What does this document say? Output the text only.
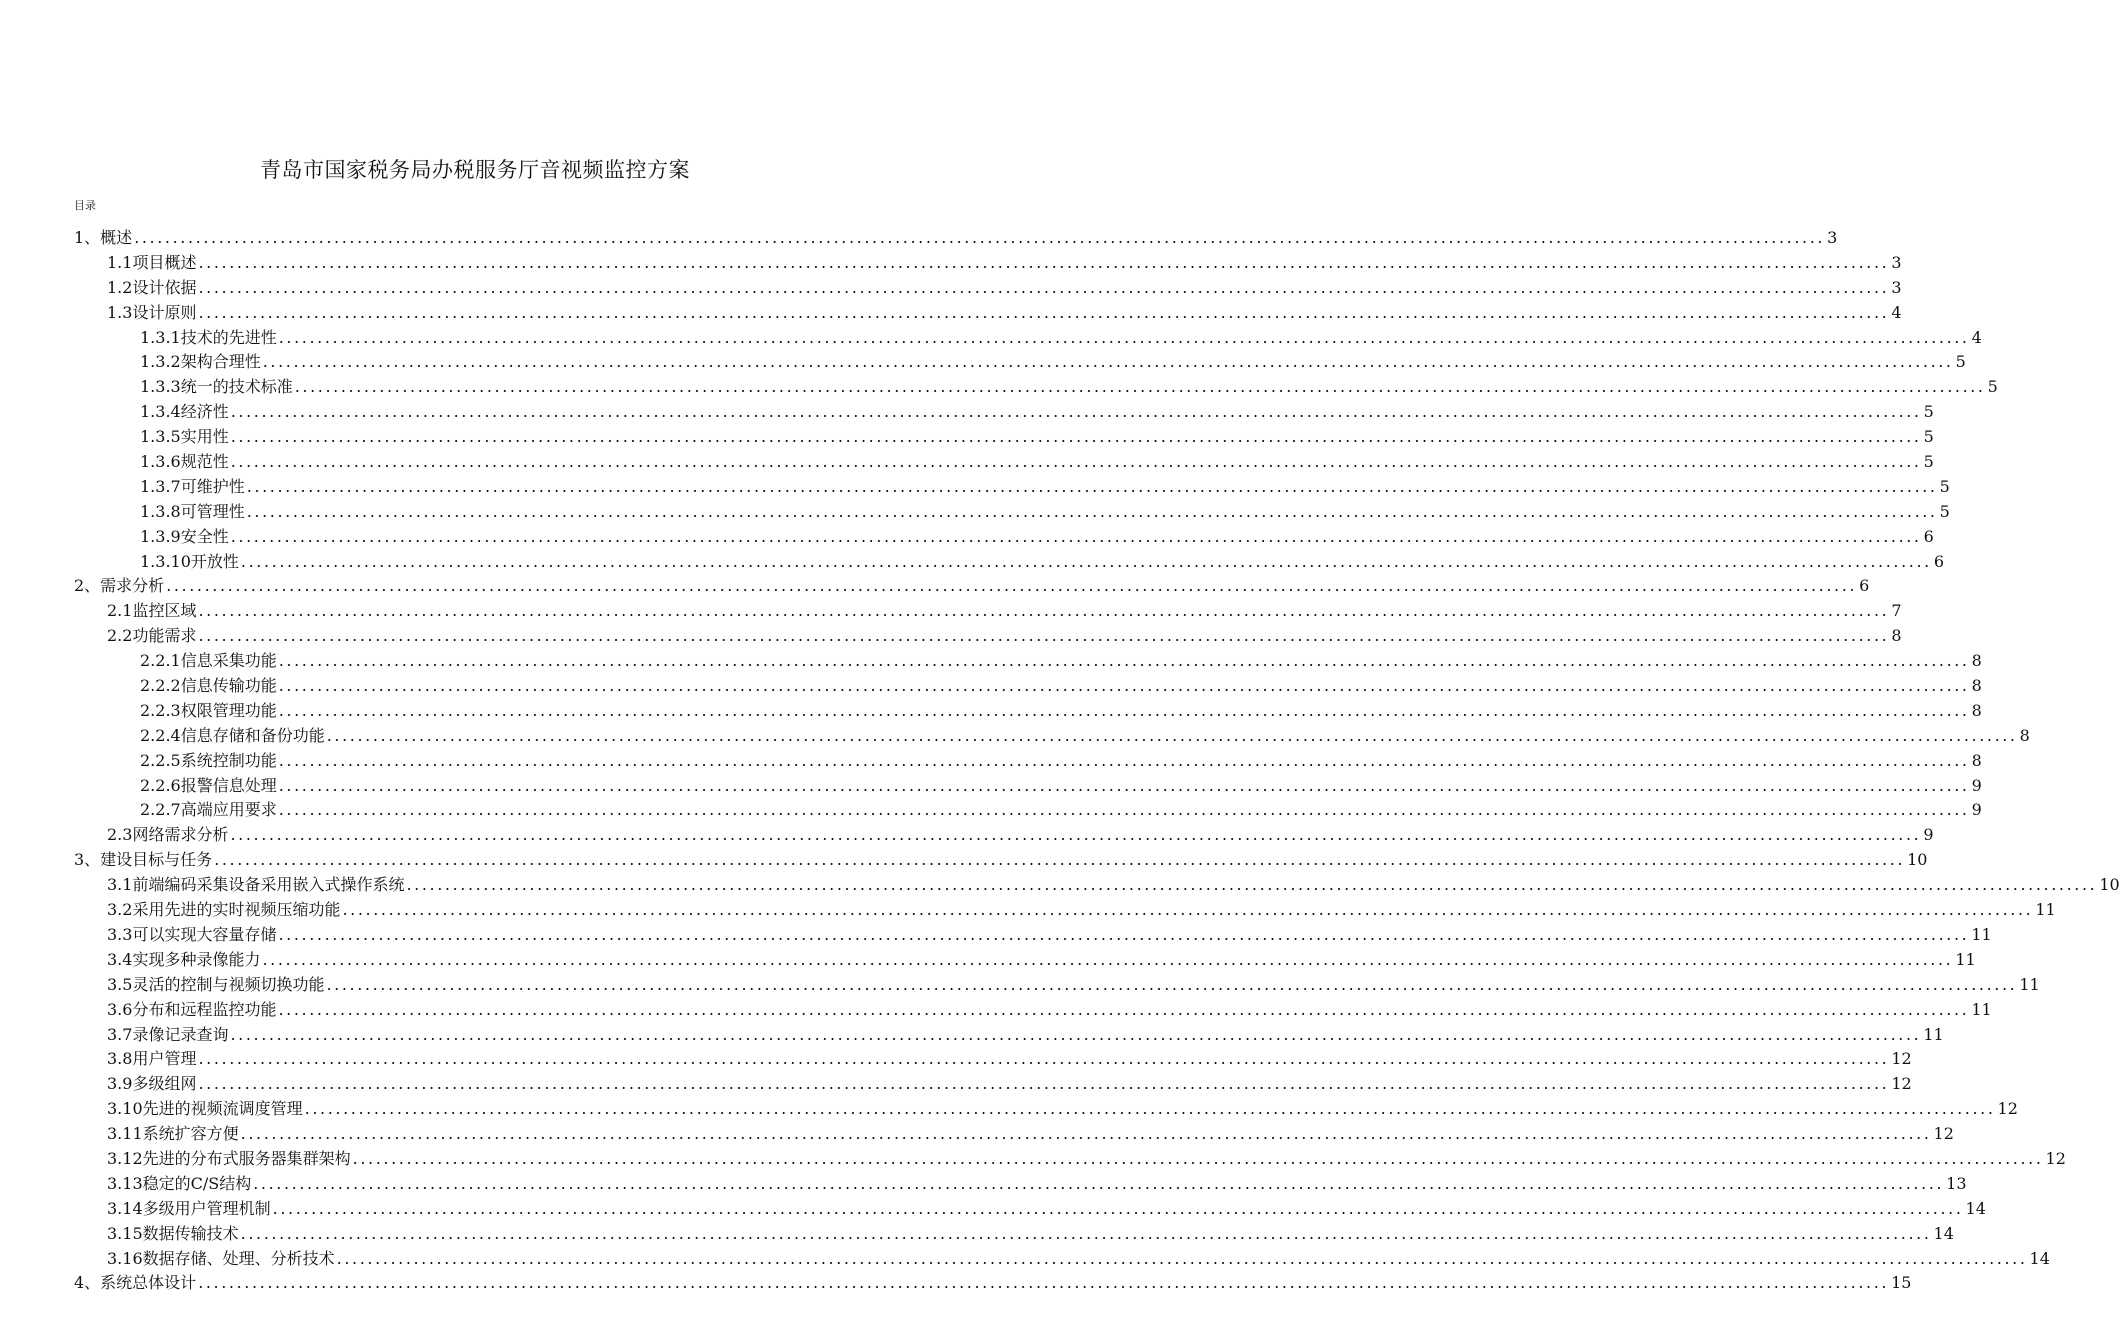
青岛市国家税务局办税服务厅音视频监控方案
目录
1、概述 ............................................................................................................................................................................................................................ 3
1.1项目概述 ............................................................................................................................................................................................................................ 3
1.2设计依据 ............................................................................................................................................................................................................................ 3
1.3设计原则 ............................................................................................................................................................................................................................ 4
1.3.1技术的先进性 ............................................................................................................................................................................................................................ 4
1.3.2架构合理性 ............................................................................................................................................................................................................................ 5
1.3.3统一的技术标准 ............................................................................................................................................................................................................................ 5
1.3.4经济性 ............................................................................................................................................................................................................................ 5
1.3.5实用性 ............................................................................................................................................................................................................................ 5
1.3.6规范性 ............................................................................................................................................................................................................................ 5
1.3.7可维护性 ............................................................................................................................................................................................................................ 5
1.3.8可管理性 ............................................................................................................................................................................................................................ 5
1.3.9安全性 ............................................................................................................................................................................................................................ 6
1.3.10开放性 ............................................................................................................................................................................................................................ 6
2、需求分析 ............................................................................................................................................................................................................................ 6
2.1监控区域 ............................................................................................................................................................................................................................ 7
2.2功能需求 ............................................................................................................................................................................................................................ 8
2.2.1信息采集功能 ............................................................................................................................................................................................................................ 8
2.2.2信息传输功能 ............................................................................................................................................................................................................................ 8
2.2.3权限管理功能 ............................................................................................................................................................................................................................ 8
2.2.4信息存储和备份功能 ............................................................................................................................................................................................................................ 8
2.2.5系统控制功能 ............................................................................................................................................................................................................................ 8
2.2.6报警信息处理 ............................................................................................................................................................................................................................ 9
2.2.7高端应用要求 ............................................................................................................................................................................................................................ 9
2.3网络需求分析 ............................................................................................................................................................................................................................ 9
3、建设目标与任务 ............................................................................................................................................................................................................................ 10
3.1前端编码采集设备采用嵌入式操作系统 ............................................................................................................................................................................................................................ 10
3.2采用先进的实时视频压缩功能 ............................................................................................................................................................................................................................ 11
3.3可以实现大容量存储 ............................................................................................................................................................................................................................ 11
3.4实现多种录像能力 ............................................................................................................................................................................................................................ 11
3.5灵活的控制与视频切换功能 ............................................................................................................................................................................................................................ 11
3.6分布和远程监控功能 ............................................................................................................................................................................................................................ 11
3.7录像记录查询 ............................................................................................................................................................................................................................ 11
3.8用户管理 ............................................................................................................................................................................................................................ 12
3.9多级组网 ............................................................................................................................................................................................................................ 12
3.10先进的视频流调度管理 ............................................................................................................................................................................................................................ 12
3.11系统扩容方便 ............................................................................................................................................................................................................................ 12
3.12先进的分布式服务器集群架构 ............................................................................................................................................................................................................................ 12
3.13稳定的C/S结构 ............................................................................................................................................................................................................................ 13
3.14多级用户管理机制 ............................................................................................................................................................................................................................ 14
3.15数据传输技术 ............................................................................................................................................................................................................................ 14
3.16数据存储、处理、分析技术 ............................................................................................................................................................................................................................ 14
4、系统总体设计 ............................................................................................................................................................................................................................ 15
